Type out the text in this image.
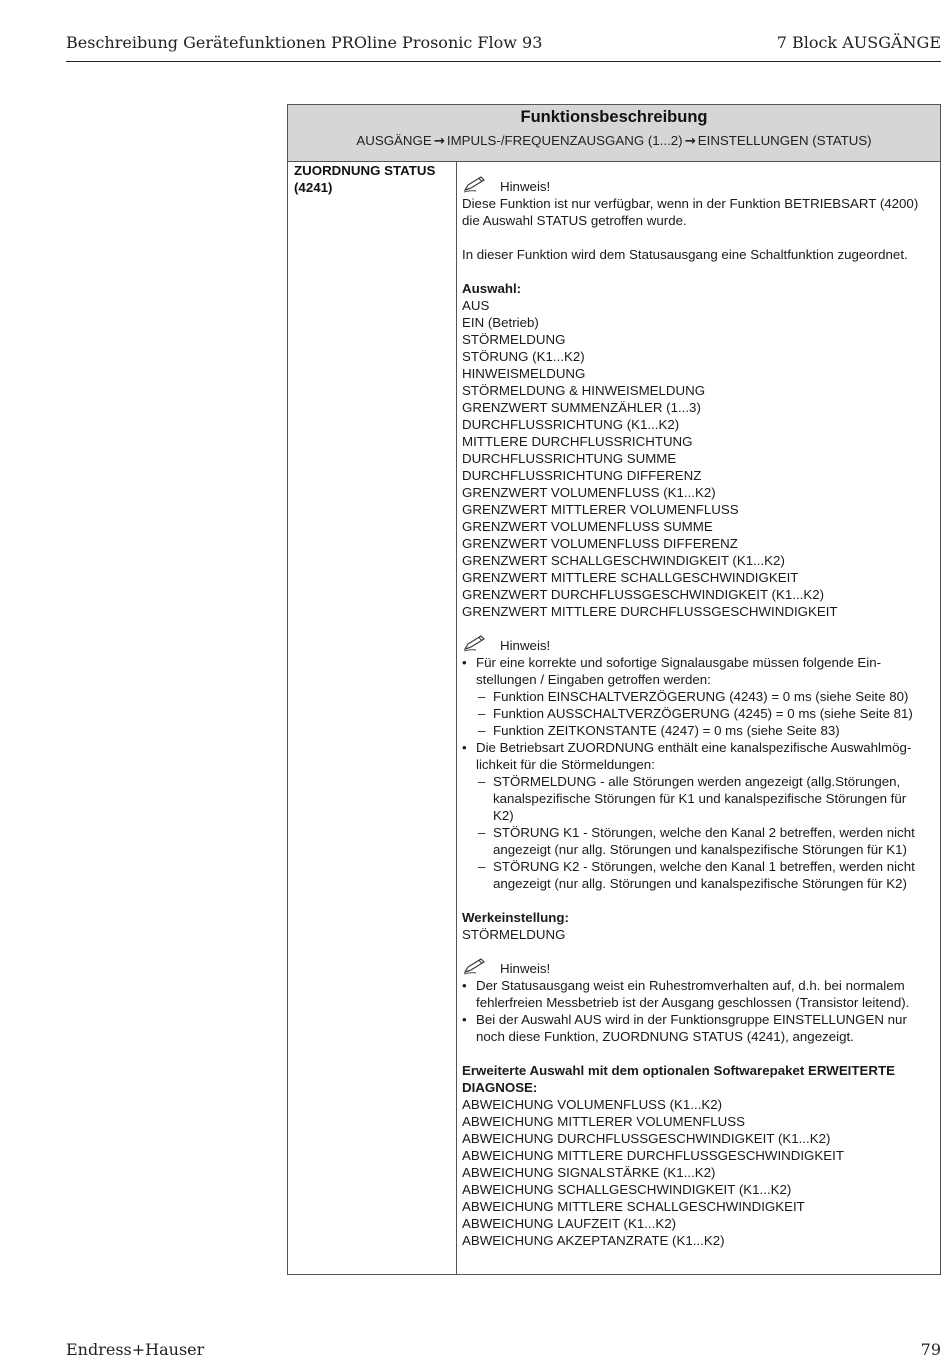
Beschreibung Gerätefunktionen PROline Prosonic Flow 93	7 Block AUSGÄNGE
Funktionsbeschreibung
AUSGÄNGE → IMPULS-/FREQUENZAUSGANG (1...2) → EINSTELLUNGEN (STATUS)
ZUORDNUNG STATUS
(4241)	Hinweis!
Diese Funktion ist nur verfügbar, wenn in der Funktion BETRIEBSART (4200)
die Auswahl STATUS getroffen wurde.
In dieser Funktion wird dem Statusausgang eine Schaltfunktion zugeordnet.
Auswahl:
AUS
EIN (Betrieb)
STÖRMELDUNG
STÖRUNG (K1...K2)
HINWEISMELDUNG
STÖRMELDUNG & HINWEISMELDUNG
GRENZWERT SUMMENZÄHLER (1...3)
DURCHFLUSSRICHTUNG (K1...K2)
MITTLERE DURCHFLUSSRICHTUNG
DURCHFLUSSRICHTUNG SUMME
DURCHFLUSSRICHTUNG DIFFERENZ
GRENZWERT VOLUMENFLUSS (K1...K2)
GRENZWERT MITTLERER VOLUMENFLUSS
GRENZWERT VOLUMENFLUSS SUMME
GRENZWERT VOLUMENFLUSS DIFFERENZ
GRENZWERT SCHALLGESCHWINDIGKEIT (K1...K2)
GRENZWERT MITTLERE SCHALLGESCHWINDIGKEIT
GRENZWERT DURCHFLUSSGESCHWINDIGKEIT (K1...K2)
GRENZWERT MITTLERE DURCHFLUSSGESCHWINDIGKEIT
Hinweis!
• Für eine korrekte und sofortige Signalausgabe müssen folgende Ein-
stellungen / Eingaben getroffen werden:
– Funktion EINSCHALTVERZÖGERUNG (4243) = 0 ms (siehe Seite 80)
– Funktion AUSSCHALTVERZÖGERUNG (4245) = 0 ms (siehe Seite 81)
– Funktion ZEITKONSTANTE (4247) = 0 ms (siehe Seite 83)
• Die Betriebsart ZUORDNUNG enthält eine kanalspezifische Auswahlmög-
lichkeit für die Störmeldungen:
– STÖRMELDUNG - alle Störungen werden angezeigt (allg.Störungen,
kanalspezifische Störungen für K1 und kanalspezifische Störungen für
K2)
– STÖRUNG K1 - Störungen, welche den Kanal 2 betreffen, werden nicht
angezeigt (nur allg. Störungen und kanalspezifische Störungen für K1)
– STÖRUNG K2 - Störungen, welche den Kanal 1 betreffen, werden nicht
angezeigt (nur allg. Störungen und kanalspezifische Störungen für K2)
Werkeinstellung:
STÖRMELDUNG
Hinweis!
• Der Statusausgang weist ein Ruhestromverhalten auf, d.h. bei normalem
fehlerfreien Messbetrieb ist der Ausgang geschlossen (Transistor leitend).
• Bei der Auswahl AUS wird in der Funktionsgruppe EINSTELLUNGEN nur
noch diese Funktion, ZUORDNUNG STATUS (4241), angezeigt.
Erweiterte Auswahl mit dem optionalen Softwarepaket ERWEITERTE
DIAGNOSE:
ABWEICHUNG VOLUMENFLUSS (K1...K2)
ABWEICHUNG MITTLERER VOLUMENFLUSS
ABWEICHUNG DURCHFLUSSGESCHWINDIGKEIT (K1...K2)
ABWEICHUNG MITTLERE DURCHFLUSSGESCHWINDIGKEIT
ABWEICHUNG SIGNALSTÄRKE (K1...K2)
ABWEICHUNG SCHALLGESCHWINDIGKEIT (K1...K2)
ABWEICHUNG MITTLERE SCHALLGESCHWINDIGKEIT
ABWEICHUNG LAUFZEIT (K1...K2)
ABWEICHUNG AKZEPTANZRATE (K1...K2)
Endress+Hauser	79
